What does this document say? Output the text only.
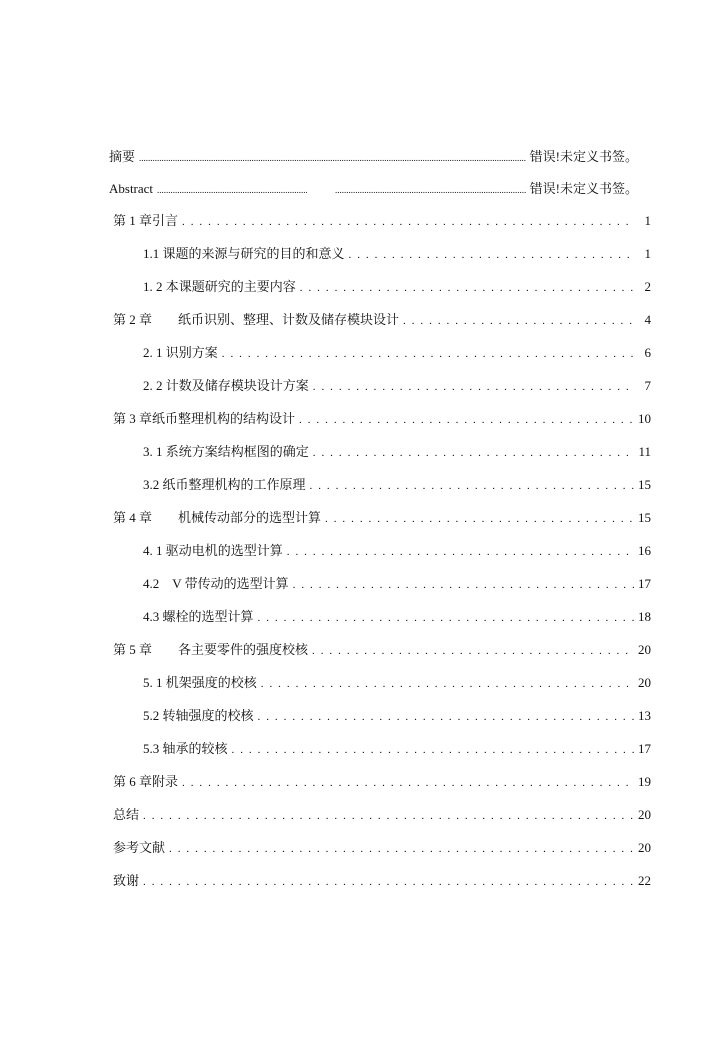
摘要 .....	错误!未定义书签。
Abstract ..... .....	错误!未定义书签。
第 1 章引言 . . .	1
1.1 课题的来源与研究的目的和意义 . . .	1
1. 2 本课题研究的主要内容 . . .	2
第 2 章　　纸币识别、整理、计数及储存模块设计 . . .	4
2. 1 识别方案 . . .	6
2. 2 计数及储存模块设计方案 . . .	7
第 3 章纸币整理机构的结构设计 . . .	10
3. 1 系统方案结构框图的确定 . . .	11
3.2 纸币整理机构的工作原理 . . .	15
第 4 章　　机械传动部分的选型计算 . . .	15
4. 1 驱动电机的选型计算 . . .	16
4.2　V 带传动的选型计算 . . .	17
4.3 螺栓的选型计算 . . .	18
第 5 章　　各主要零件的强度校核 . . .	20
5. 1 机架强度的校核 . . .	20
5.2 转轴强度的校核 . . .	13
5.3 轴承的较核 . . .	17
第 6 章附录 . . .	19
总结 . . .	20
参考文献 . . .	20
致谢 . . .	22
